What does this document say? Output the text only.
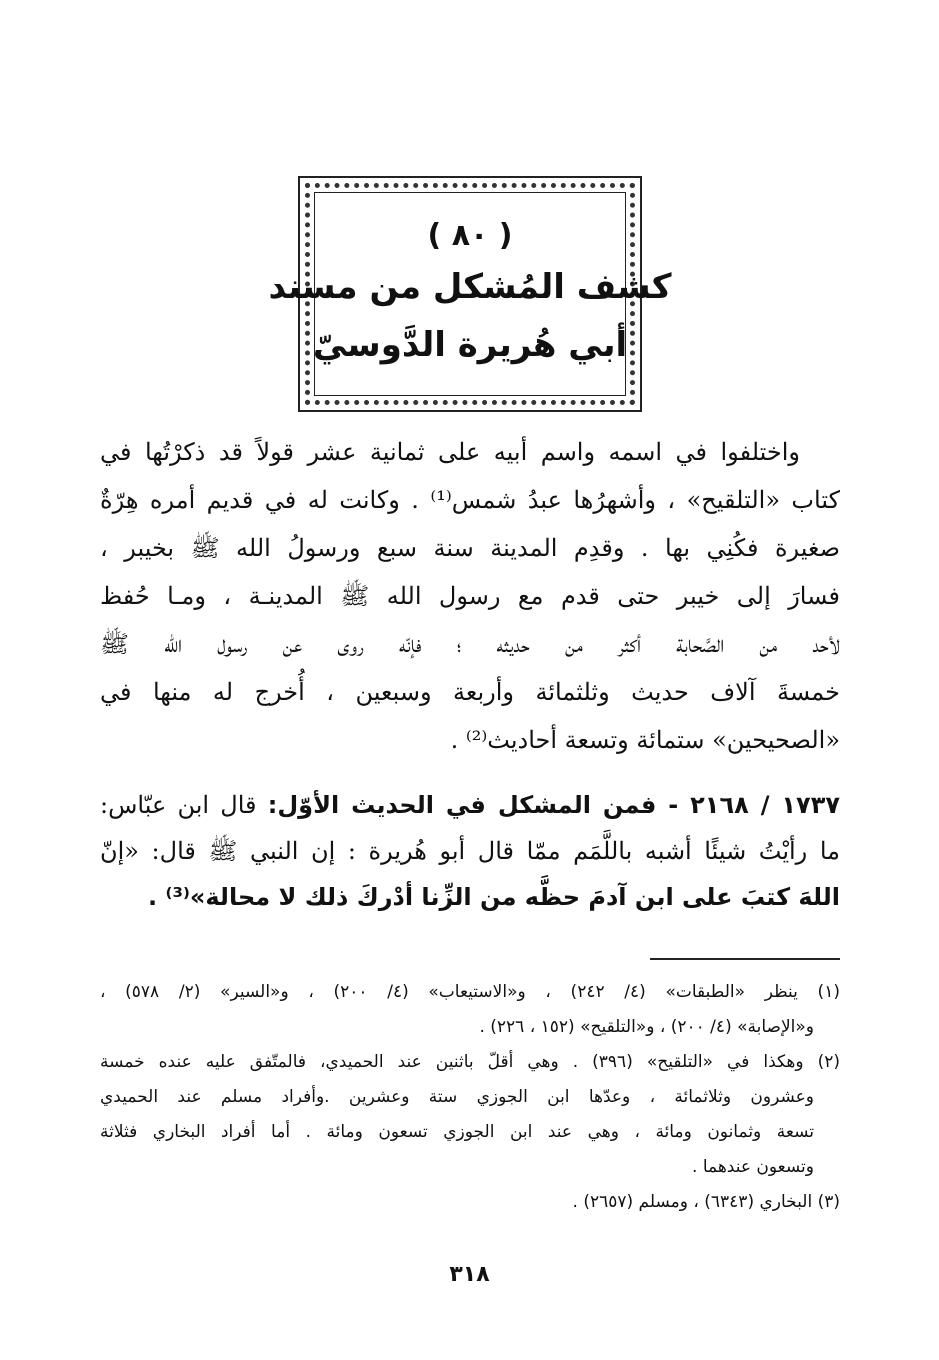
( ٨٠ )
كشف المُشكل من مسند
أبي هُريرة الدَّوسيّ
واختلفوا في اسمه واسم أبيه على ثمانية عشر قولاً قد ذكرْتُها في
كتاب «التلقيح» ، وأشهرُها عبدُ شمس⁽¹⁾ . وكانت له في قديم أمره هِرّةٌ
صغيرة فكُنِي بها . وقدِم المدينة سنة سبع ورسولُ الله ﷺ بخيبر ،
فسارَ إلى خيبر حتى قدم مع رسول الله ﷺ المدينـة ، ومـا حُفظ
لأحد من الصَّحابة أكثر من حديثه ؛ فإنّه روى عن رسول الله ﷺ
خمسةَ آلاف حديث وثلثمائة وأربعة وسبعين ، أُخرج له منها في
«الصحيحين» ستمائة وتسعة أحاديث⁽²⁾ .
١٧٣٧ / ٢١٦٨ - فمن المشكل في الحديث الأوّل: قال ابن عبّاس:
ما رأيْتُ شيئًا أشبه باللَّمَم ممّا قال أبو هُريرة : إن النبي ﷺ قال: «إنّ
اللهَ كتبَ على ابن آدمَ حظَّه من الزِّنا أدْركَ ذلك لا محالة»⁽³⁾ .
(١) ينظر «الطبقات» (٤/ ٢٤٢) ، و«الاستيعاب» (٤/ ٢٠٠) ، و«السير» (٢/ ٥٧٨) ،
و«الإصابة» (٤/ ٢٠٠) ، و«التلقيح» (١٥٢ ، ٢٢٦) .
(٢) وهكذا في «التلقيح» (٣٩٦) . وهي أقلّ باثنين عند الحميدي، فالمتّفق عليه عنده خمسة
وعشرون وثلاثمائة ، وعدّها ابن الجوزي ستة وعشرين .وأفراد مسلم عند الحميدي
تسعة وثمانون ومائة ، وهي عند ابن الجوزي تسعون ومائة . أما أفراد البخاري فثلاثة
وتسعون عندهما .
(٣) البخاري (٦٣٤٣) ، ومسلم (٢٦٥٧) .
٣١٨
